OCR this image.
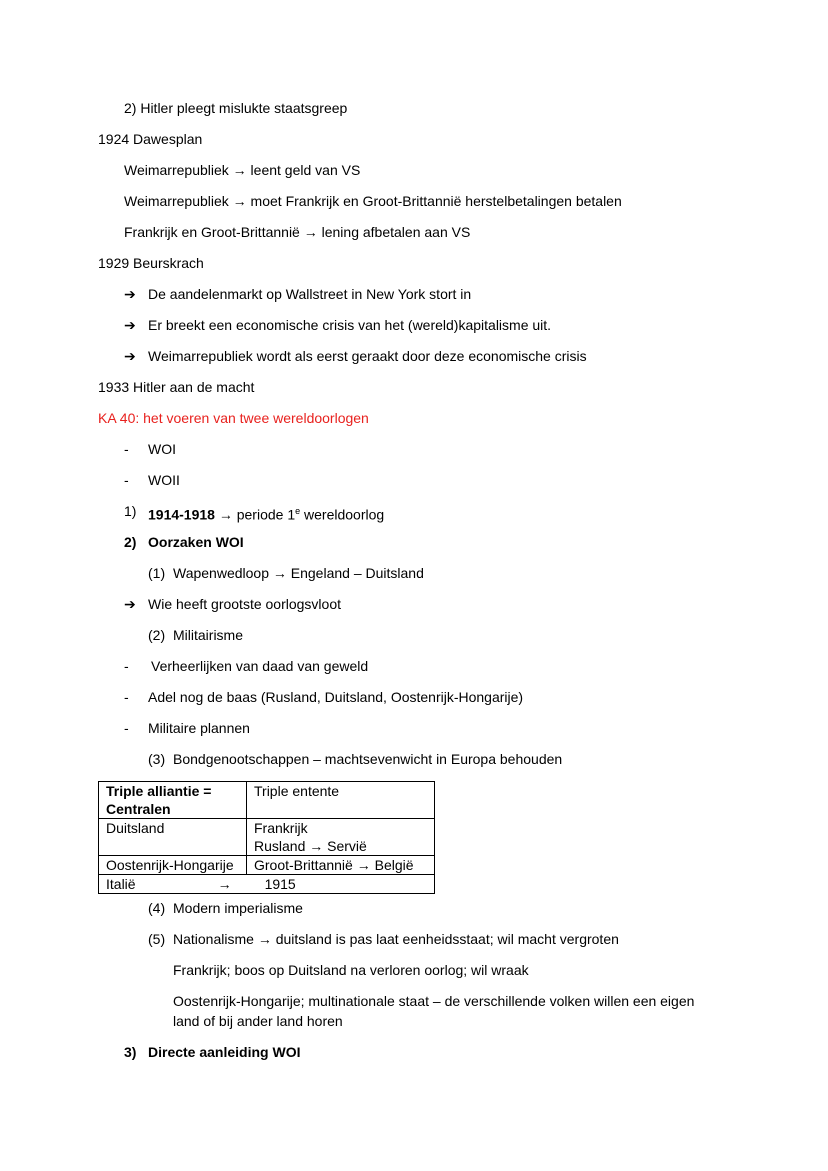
2) Hitler pleegt mislukte staatsgreep
1924 Dawesplan
Weimarrepubliek → leent geld van VS
Weimarrepubliek → moet Frankrijk en Groot-Brittannië herstelbetalingen betalen
Frankrijk en Groot-Brittannië → lening afbetalen aan VS
1929 Beurskrach
➔ De aandelenmarkt op Wallstreet in New York stort in
➔ Er breekt een economische crisis van het (wereld)kapitalisme uit.
➔ Weimarrepubliek wordt als eerst geraakt door deze economische crisis
1933 Hitler aan de macht
KA 40: het voeren van twee wereldoorlogen
- WOI
- WOII
1) 1914-1918 → periode 1e wereldoorlog
2) Oorzaken WOI
(1) Wapenwedloop → Engeland – Duitsland
➔ Wie heeft grootste oorlogsvloot
(2) Militairisme
- Verheerlijken van daad van geweld
- Adel nog de baas (Rusland, Duitsland, Oostenrijk-Hongarije)
- Militaire plannen
(3) Bondgenootschappen – machtsevenwicht in Europa behouden
Triple alliantie =
Centralen	Triple entente
Duitsland	Frankrijk
Rusland → Servië
Oostenrijk-Hongarije	Groot-Brittannië → België
Italië → 1915	
(4) Modern imperialisme
(5) Nationalisme → duitsland is pas laat eenheidsstaat; wil macht vergroten
Frankrijk; boos op Duitsland na verloren oorlog; wil wraak
Oostenrijk-Hongarije; multinationale staat – de verschillende volken willen een eigen
land of bij ander land horen
3) Directe aanleiding WOI
